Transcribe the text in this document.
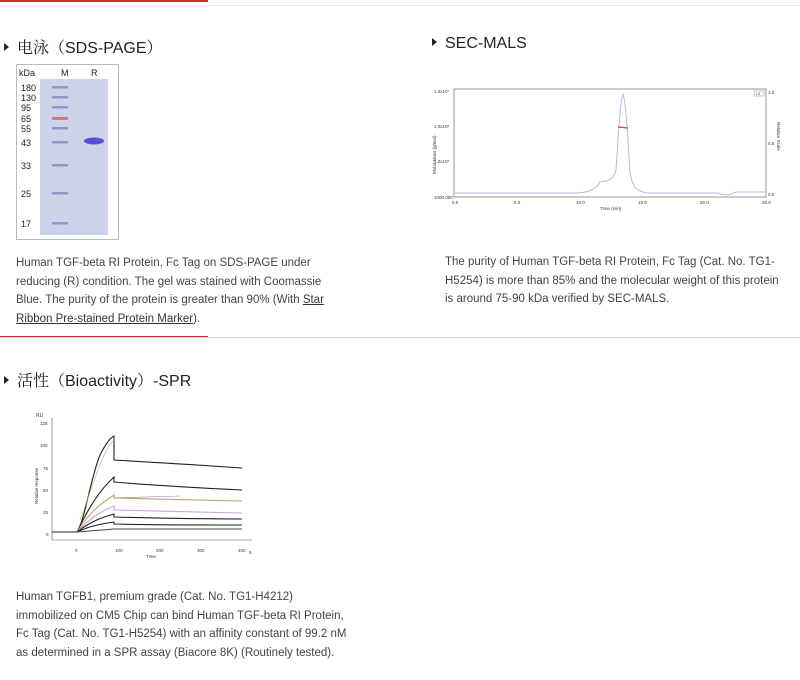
电泳（SDS-PAGE）
kDa	M	R
180
130
95
65
55
43
33
25
17
Human TGF-beta RI Protein, Fc Tag on SDS-PAGE under reducing (R) condition. The gel was stained with Coomassie Blue. The purity of the protein is greater than 90% (With Star Ribbon Pre-stained Protein Marker).
SEC-MALS
Molar Mass (g/mol)	Relative Scale
1.0x10⁷
1.0x10⁶
1.0x10⁵
1000.000
1.0
0.5
0.0
0.0	5.0	10.0	15.0	20.0	25.0
Time (min)
LS
The purity of Human TGF-beta RI Protein, Fc Tag (Cat. No. TG1-H5254) is more than 85% and the molecular weight of this protein is around 75-90 kDa verified by SEC-MALS.
活性（Bioactivity）-SPR
RU
s
Relative response
125
100
75
50
25
0
0	100	200	300	400
Time
Human TGFB1, premium grade (Cat. No. TG1-H4212) immobilized on CM5 Chip can bind Human TGF-beta RI Protein, Fc Tag (Cat. No. TG1-H5254) with an affinity constant of 99.2 nM as determined in a SPR assay (Biacore 8K) (Routinely tested).
